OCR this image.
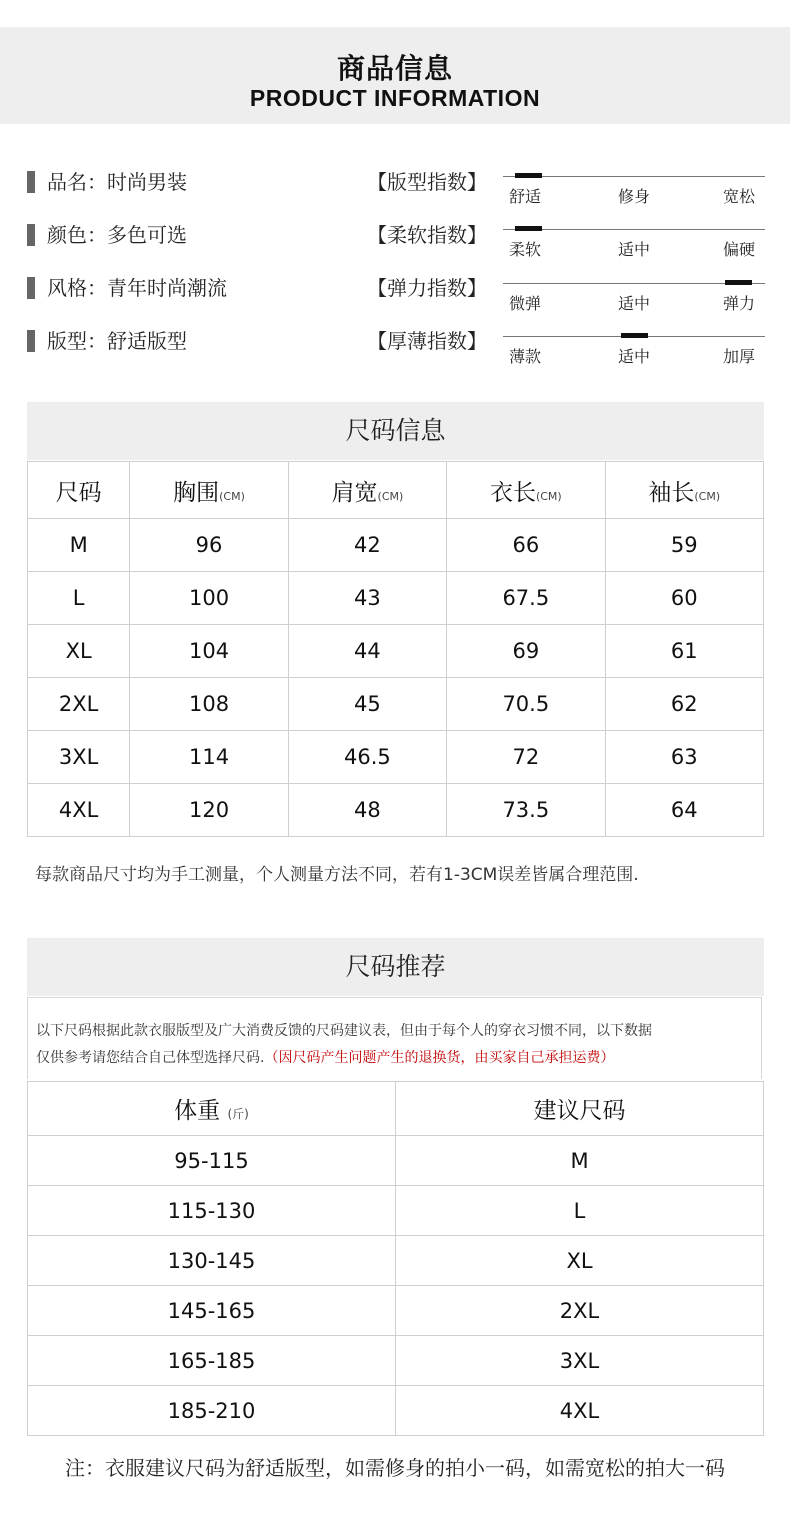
商品信息
PRODUCT INFORMATION
品名：时尚男装	【版型指数】
舒适	修身	宽松
颜色：多色可选	【柔软指数】
柔软	适中	偏硬
风格：青年时尚潮流	【弹力指数】
微弹	适中	弹力
版型：舒适版型	【厚薄指数】
薄款	适中	加厚
尺码信息
尺码	胸围(CM)	肩宽(CM)	衣长(CM)	袖长(CM)
M	96	42	66	59
L	100	43	67.5	60
XL	104	44	69	61
2XL	108	45	70.5	62
3XL	114	46.5	72	63
4XL	120	48	73.5	64
每款商品尺寸均为手工测量，个人测量方法不同，若有1-3CM误差皆属合理范围.
尺码推荐
以下尺码根据此款衣服版型及广大消费反馈的尺码建议表，但由于每个人的穿衣习惯不同，以下数据
仅供参考请您结合自己体型选择尺码.（因尺码产生问题产生的退换货，由买家自己承担运费）
体重 (斤)	建议尺码
95-115	M
115-130	L
130-145	XL
145-165	2XL
165-185	3XL
185-210	4XL
注：衣服建议尺码为舒适版型，如需修身的拍小一码，如需宽松的拍大一码
